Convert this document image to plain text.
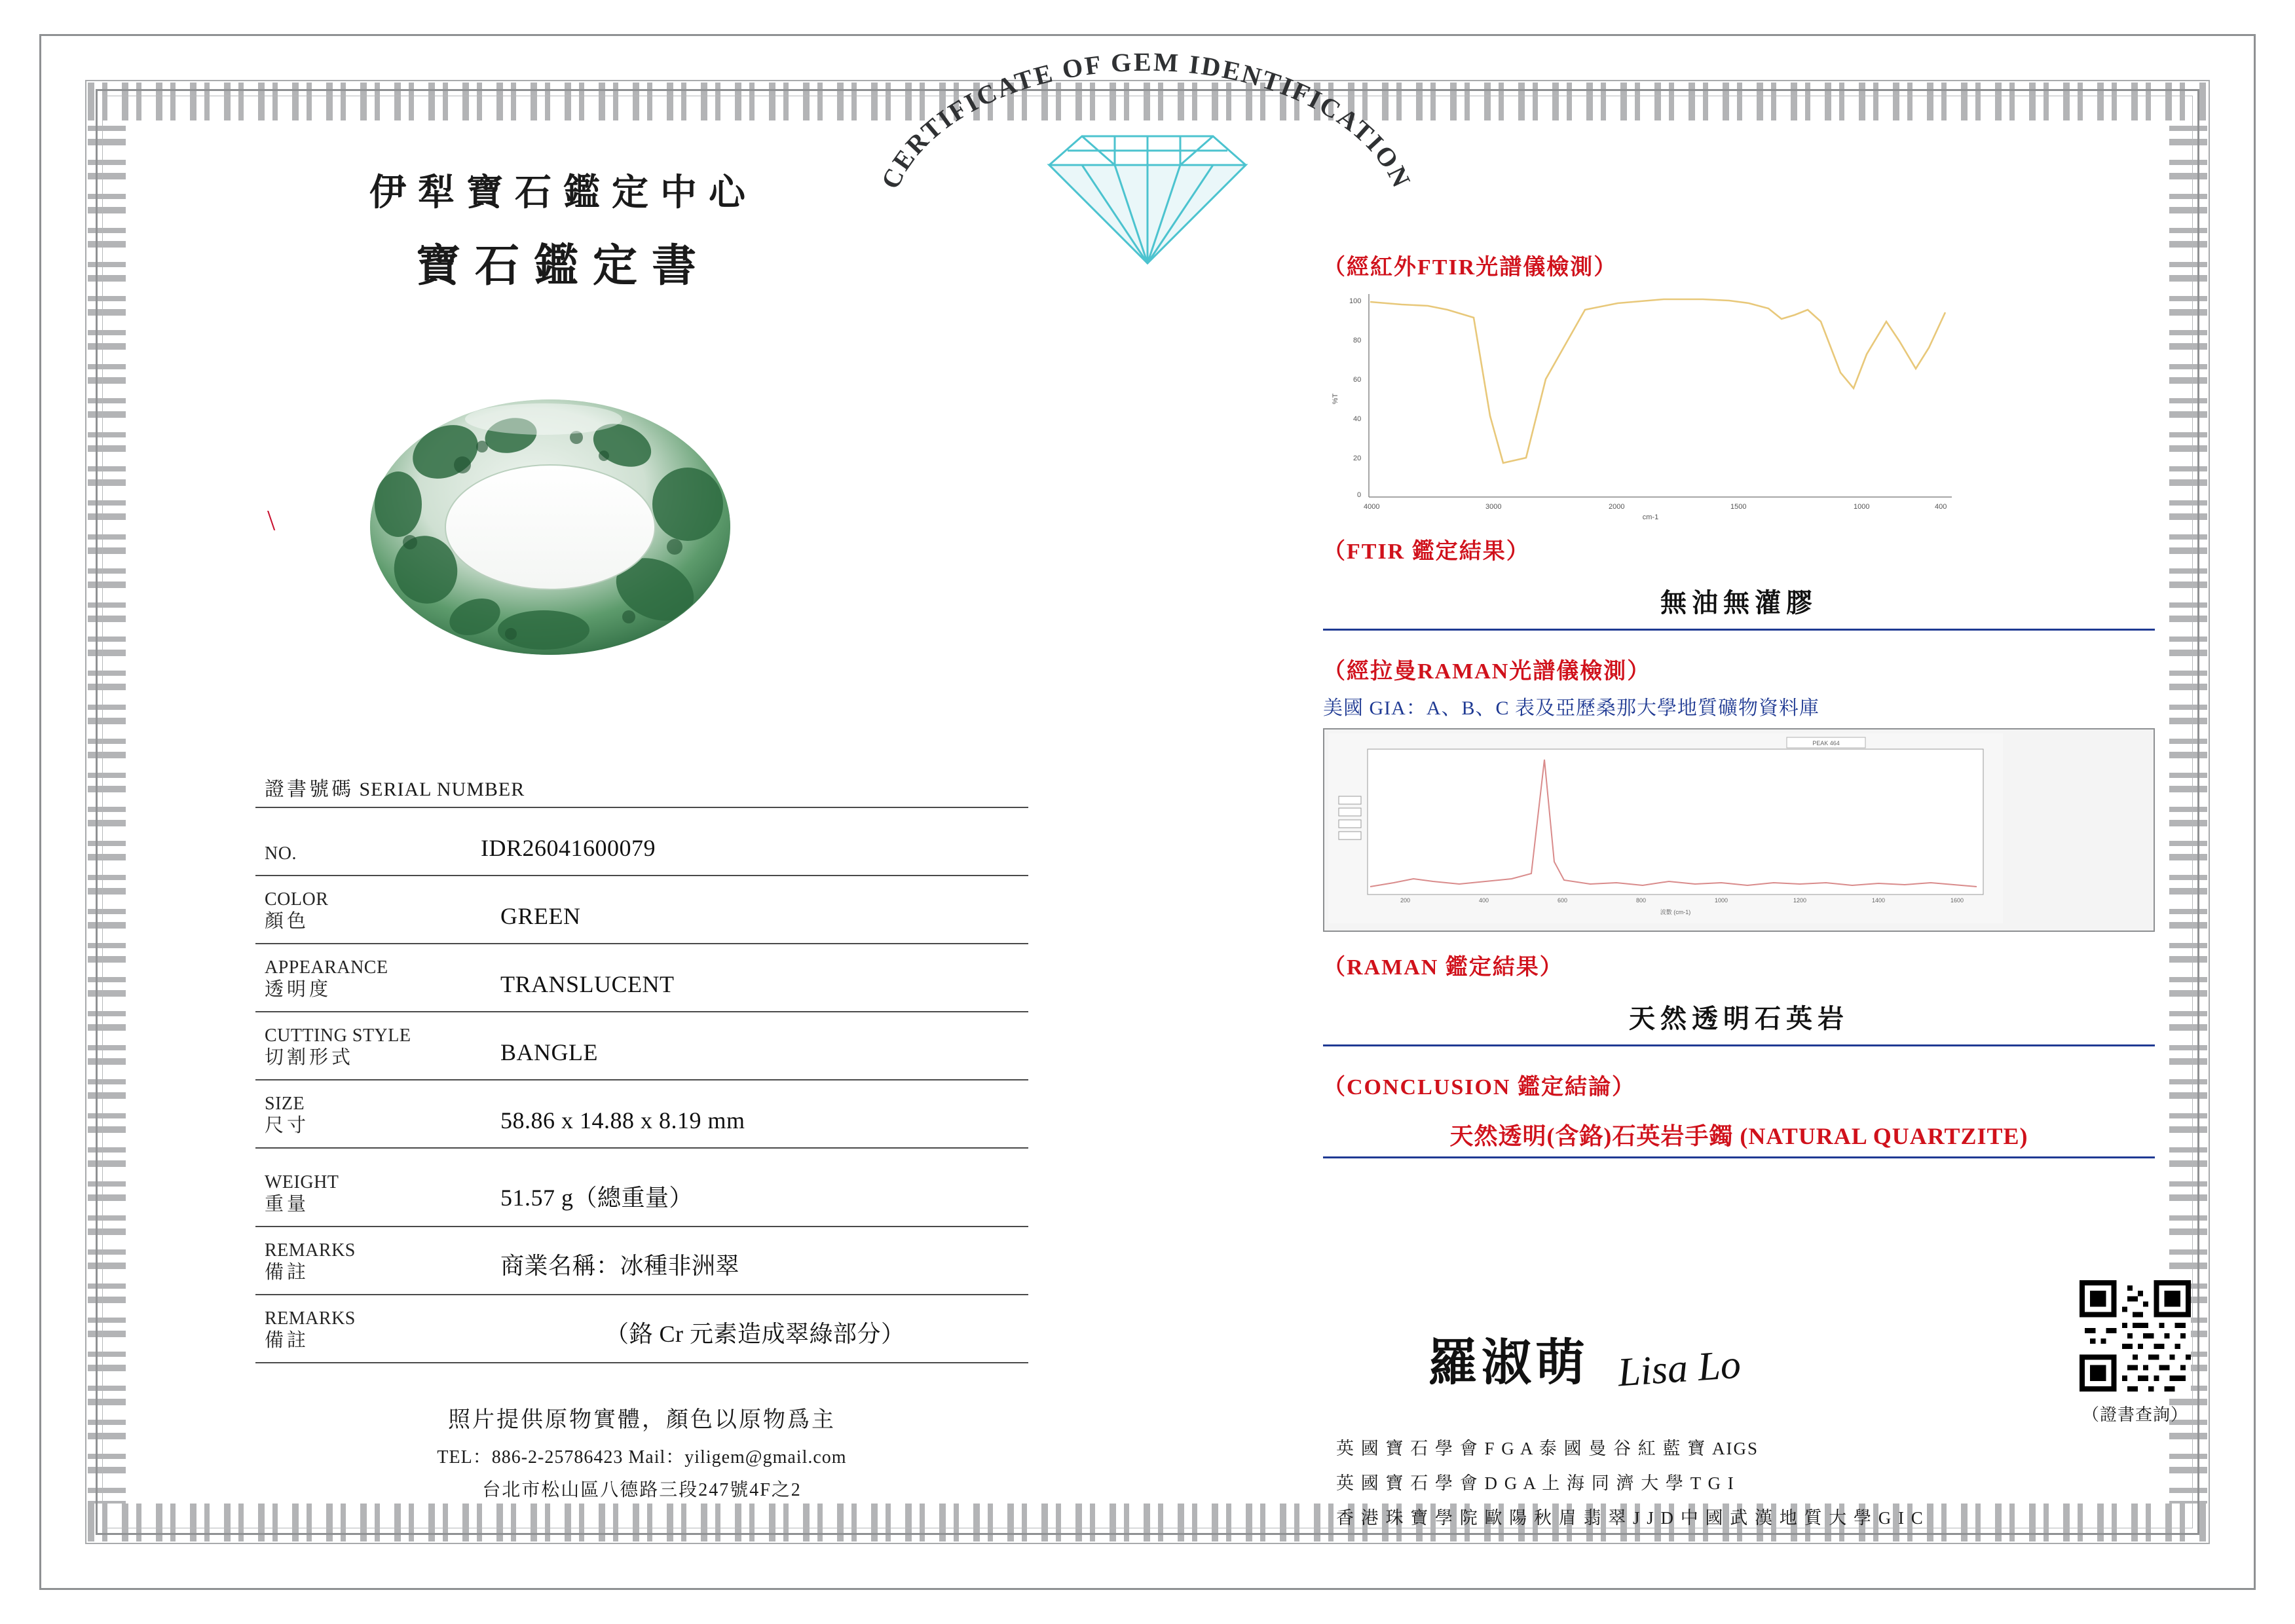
伊犁寶石鑑定中心
寶石鑑定書
CERTIFICATE OF GEM IDENTIFICATION
\
證書號碼 SERIAL NUMBER
NO.	IDR26041600079
COLOR
顏色	GREEN
APPEARANCE
透明度	TRANSLUCENT
CUTTING STYLE
切割形式	BANGLE
SIZE
尺寸	58.86 x 14.88 x 8.19 mm
WEIGHT
重量	51.57 g（總重量）
REMARKS
備註	商業名稱：冰種非洲翠
REMARKS
備註	（鉻 Cr 元素造成翠綠部分）
照片提供原物實體，顏色以原物爲主
TEL：886-2-25786423 Mail：yiligem@gmail.com
台北市松山區八德路三段247號4F之2
（經紅外FTIR光譜儀檢測）
100
80
60
40
20
0
4000	3000	2000	1500	1000	400
cm-1
%T
（FTIR 鑑定結果）
無油無灌膠
（經拉曼RAMAN光譜儀檢測）
美國 GIA：A、B、C 表及亞歷桑那大學地質礦物資料庫
PEAK 464
200	400	600	800	1000	1200	1400	1600
波數 (cm-1)
（RAMAN 鑑定結果）
天然透明石英岩
（CONCLUSION 鑑定結論）
天然透明(含鉻)石英岩手鐲 (NATURAL QUARTZITE)
羅淑萌 Lisa Lo
英 國 寶 石 學 會 F G A 泰 國 曼 谷 紅 藍 寶 AIGS
英 國 寶 石 學 會 D G A 上 海 同 濟 大 學 T G I
香 港 珠 寶 學 院 歐 陽 秋 眉 翡 翠 J J D 中 國 武 漢 地 質 大 學 G I C
（證書查詢）
